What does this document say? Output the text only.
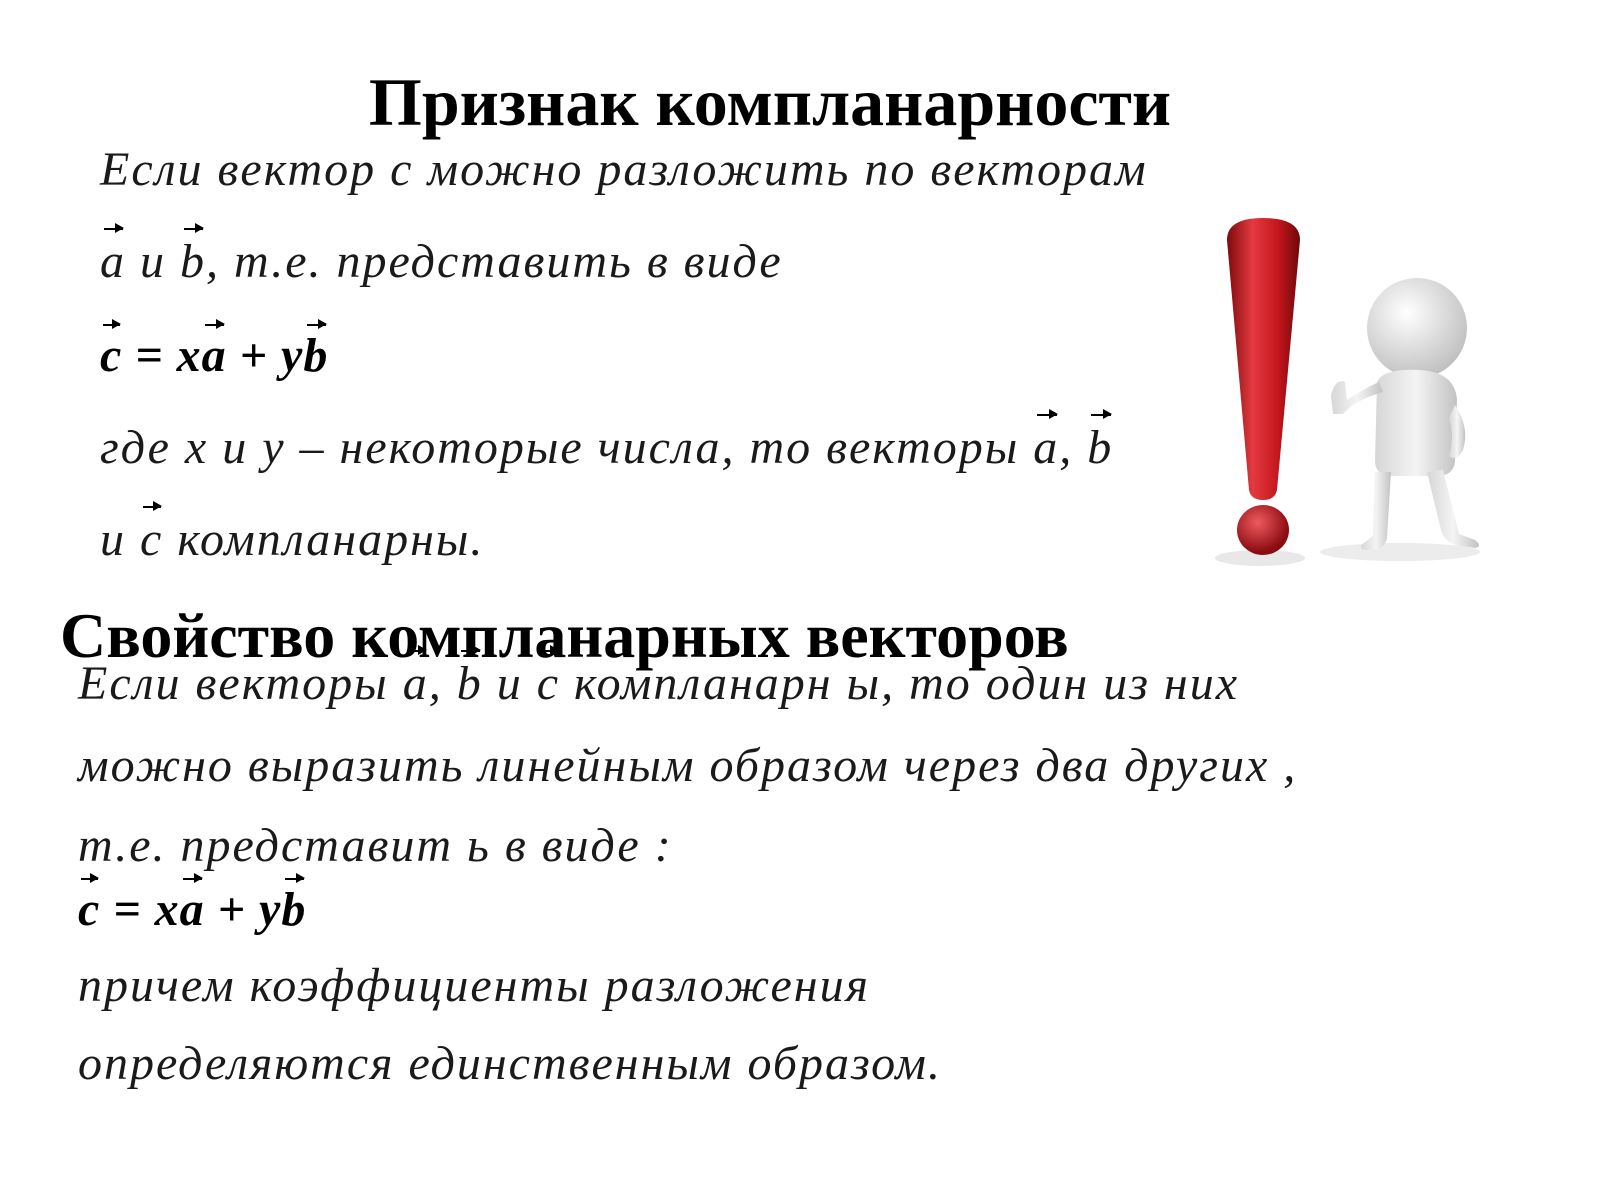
Признак компланарности
Если вектор с можно разложить по векторам
a и b, т.е. представить в виде
c = xa + yb
где x и y – некоторые числа, то векторы a, b
и c компланарны.
Свойство компланарных векторов
Если векторы a, b и c компланарн ы, то один из них
можно выразить линейным образом через два других ,
т.е. представит ь в виде :
c = xa + yb
причем коэффициенты разложения
определяются единственным образом.
